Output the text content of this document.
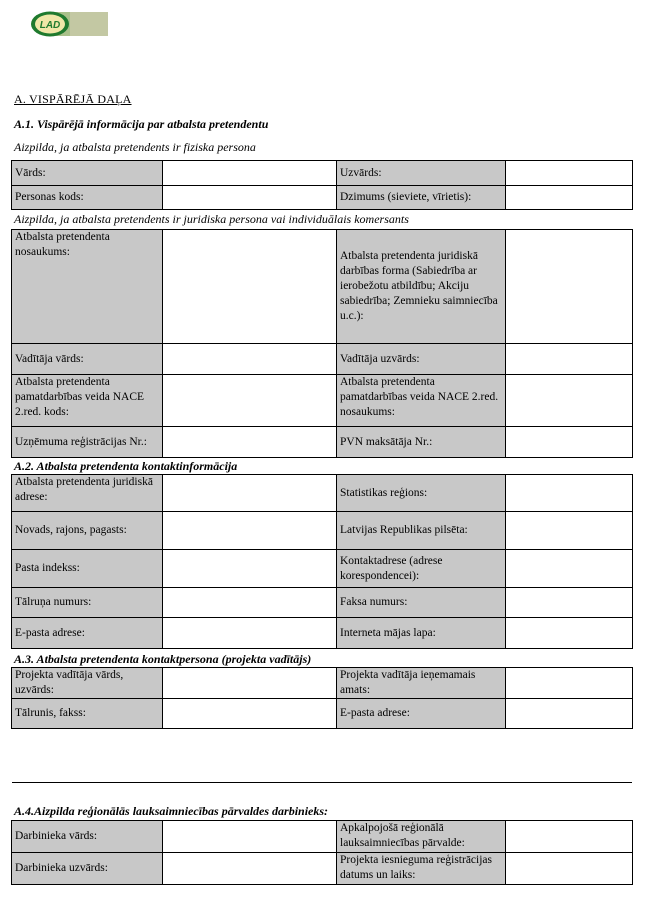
LAD
A. VISPĀRĒJĀ DAĻA
A.1. Vispārējā informācija par atbalsta pretendentu
Aizpilda, ja atbalsta pretendents ir fiziska persona
Vārds:		Uzvārds:	
Personas kods:		Dzimums (sieviete, vīrietis):	
Aizpilda, ja atbalsta pretendents ir juridiska persona vai individuālais komersants
Atbalsta pretendenta nosaukums:		Atbalsta pretendenta juridiskā darbības forma (Sabiedrība ar ierobežotu atbildību; Akciju sabiedrība; Zemnieku saimniecība u.c.):	
Vadītāja vārds:		Vadītāja uzvārds:	
Atbalsta pretendenta pamatdarbības veida NACE 2.red. kods:		Atbalsta pretendenta pamatdarbības veida NACE 2.red. nosaukums:	
Uzņēmuma reģistrācijas Nr.:		PVN maksātāja Nr.:	
A.2. Atbalsta pretendenta kontaktinformācija
Atbalsta pretendenta juridiskā adrese:		Statistikas reģions:	
Novads, rajons, pagasts:		Latvijas Republikas pilsēta:	
Pasta indekss:		Kontaktadrese (adrese korespondencei):	
Tālruņa numurs:		Faksa numurs:	
E-pasta adrese:		Interneta mājas lapa:	
A.3. Atbalsta pretendenta kontaktpersona (projekta vadītājs)
Projekta vadītāja vārds, uzvārds:		Projekta vadītāja ieņemamais amats:	
Tālrunis, fakss:		E-pasta adrese:	
A.4.Aizpilda reģionālās lauksaimniecības pārvaldes darbinieks:
Darbinieka vārds:		Apkalpojošā reģionālā lauksaimniecības pārvalde:	
Darbinieka uzvārds:		Projekta iesnieguma reģistrācijas datums un laiks:	
